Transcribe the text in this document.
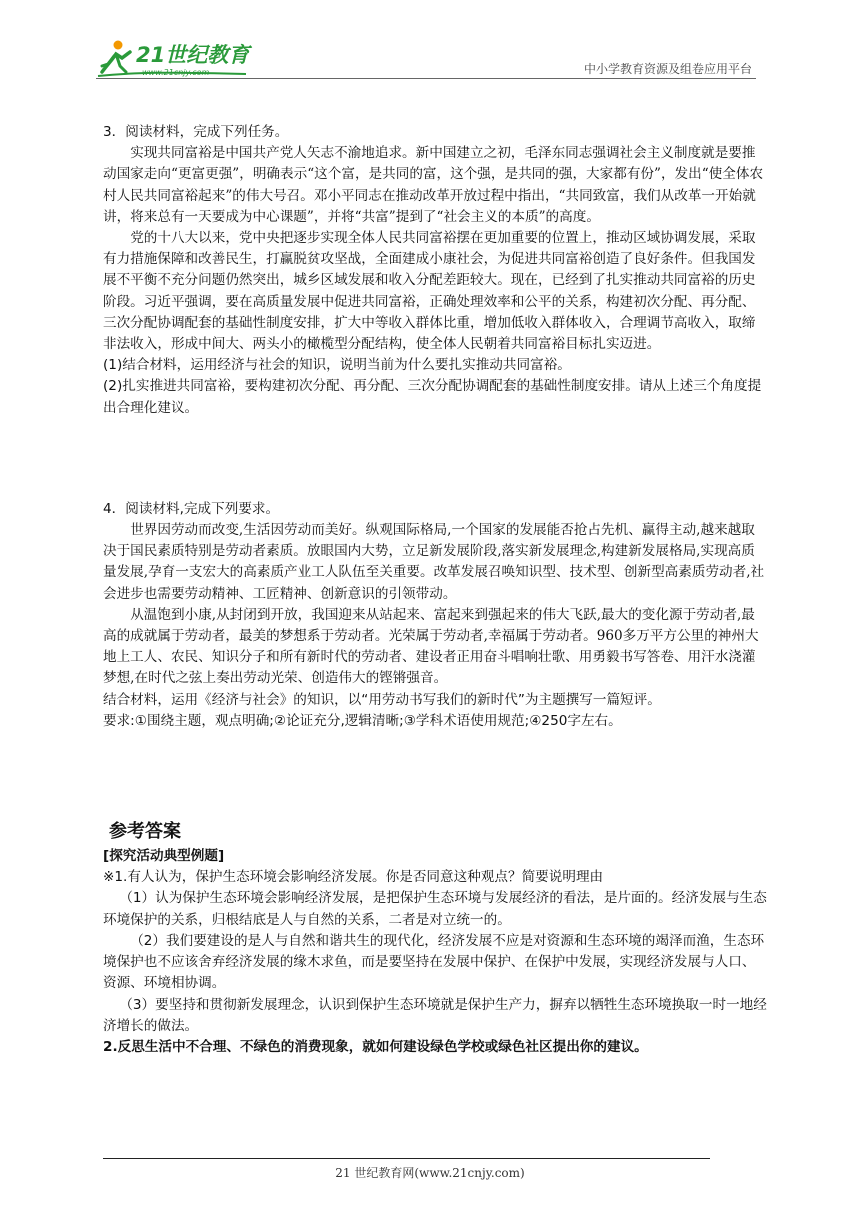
21世纪教育
www.21cnjy.com	中小学教育资源及组卷应用平台

3．阅读材料，完成下列任务。

实现共同富裕是中国共产党人矢志不渝地追求。新中国建立之初，毛泽东同志强调社会主义制度就是要推动国家走向“更富更强”，明确表示“这个富，是共同的富，这个强，是共同的强，大家都有份”，发出“使全体农村人民共同富裕起来”的伟大号召。邓小平同志在推动改革开放过程中指出，“共同致富，我们从改革一开始就讲，将来总有一天要成为中心课题”，并将“共富”提到了“社会主义的本质”的高度。

党的十八大以来，党中央把逐步实现全体人民共同富裕摆在更加重要的位置上，推动区域协调发展，采取有力措施保障和改善民生，打赢脱贫攻坚战，全面建成小康社会，为促进共同富裕创造了良好条件。但我国发展不平衡不充分问题仍然突出，城乡区域发展和收入分配差距较大。现在，已经到了扎实推动共同富裕的历史阶段。习近平强调，要在高质量发展中促进共同富裕，正确处理效率和公平的关系，构建初次分配、再分配、三次分配协调配套的基础性制度安排，扩大中等收入群体比重，增加低收入群体收入，合理调节高收入，取缔非法收入，形成中间大、两头小的橄榄型分配结构，使全体人民朝着共同富裕目标扎实迈进。

(1)结合材料，运用经济与社会的知识，说明当前为什么要扎实推动共同富裕。

(2)扎实推进共同富裕，要构建初次分配、再分配、三次分配协调配套的基础性制度安排。请从上述三个角度提出合理化建议。

4．阅读材料,完成下列要求。

世界因劳动而改变,生活因劳动而美好。纵观国际格局,一个国家的发展能否抢占先机、赢得主动,越来越取决于国民素质特别是劳动者素质。放眼国内大势，立足新发展阶段,落实新发展理念,构建新发展格局,实现高质量发展,孕育一支宏大的高素质产业工人队伍至关重要。改革发展召唤知识型、技术型、创新型高素质劳动者,社会进步也需要劳动精神、工匠精神、创新意识的引领带动。

从温饱到小康,从封闭到开放，我国迎来从站起来、富起来到强起来的伟大飞跃,最大的变化源于劳动者,最高的成就属于劳动者，最美的梦想系于劳动者。光荣属于劳动者,幸福属于劳动者。960多万平方公里的神州大地上工人、农民、知识分子和所有新时代的劳动者、建设者正用奋斗唱响壮歌、用勇毅书写答卷、用汗水浇灌梦想,在时代之弦上奏出劳动光荣、创造伟大的铿锵强音。

结合材料，运用《经济与社会》的知识，以“用劳动书写我们的新时代”为主题撰写一篇短评。

要求:①围绕主题，观点明确;②论证充分,逻辑清晰;③学科术语使用规范;④250字左右。

参考答案

[探究活动典型例题]

※1.有人认为，保护生态环境会影响经济发展。你是否同意这种观点？简要说明理由

（1）认为保护生态环境会影响经济发展，是把保护生态环境与发展经济的看法，是片面的。经济发展与生态环境保护的关系，归根结底是人与自然的关系，二者是对立统一的。

（2）我们要建设的是人与自然和谐共生的现代化，经济发展不应是对资源和生态环境的竭泽而渔，生态环境保护也不应该舍弃经济发展的缘木求鱼，而是要坚持在发展中保护、在保护中发展，实现经济发展与人口、资源、环境相协调。

（3）要坚持和贯彻新发展理念，认识到保护生态环境就是保护生产力，摒弃以牺牲生态环境换取一时一地经济增长的做法。

2.反思生活中不合理、不绿色的消费现象，就如何建设绿色学校或绿色社区提出你的建议。

21 世纪教育网(www.21cnjy.com)
